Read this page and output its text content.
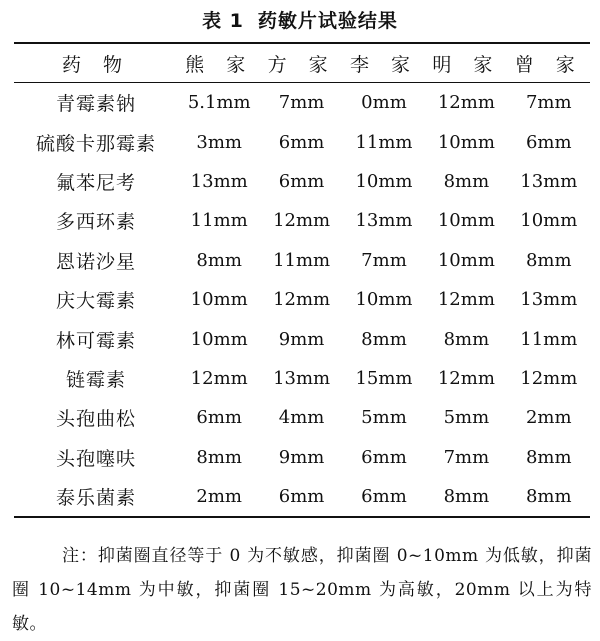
表 1 药敏片试验结果
药 物	熊 家	方 家	李 家	明 家	曾 家
青霉素钠	5.1mm	7mm	0mm	12mm	7mm
硫酸卡那霉素	3mm	6mm	11mm	10mm	6mm
氟苯尼考	13mm	6mm	10mm	8mm	13mm
多西环素	11mm	12mm	13mm	10mm	10mm
恩诺沙星	8mm	11mm	7mm	10mm	8mm
庆大霉素	10mm	12mm	10mm	12mm	13mm
林可霉素	10mm	9mm	8mm	8mm	11mm
链霉素	12mm	13mm	15mm	12mm	12mm
头孢曲松	6mm	4mm	5mm	5mm	2mm
头孢噻呋	8mm	9mm	6mm	7mm	8mm
泰乐菌素	2mm	6mm	6mm	8mm	8mm

注：抑菌圈直径等于 0 为不敏感，抑菌圈 0~10mm 为低敏，抑菌圈 10~14mm 为中敏，抑菌圈 15~20mm 为高敏，20mm 以上为特敏。
